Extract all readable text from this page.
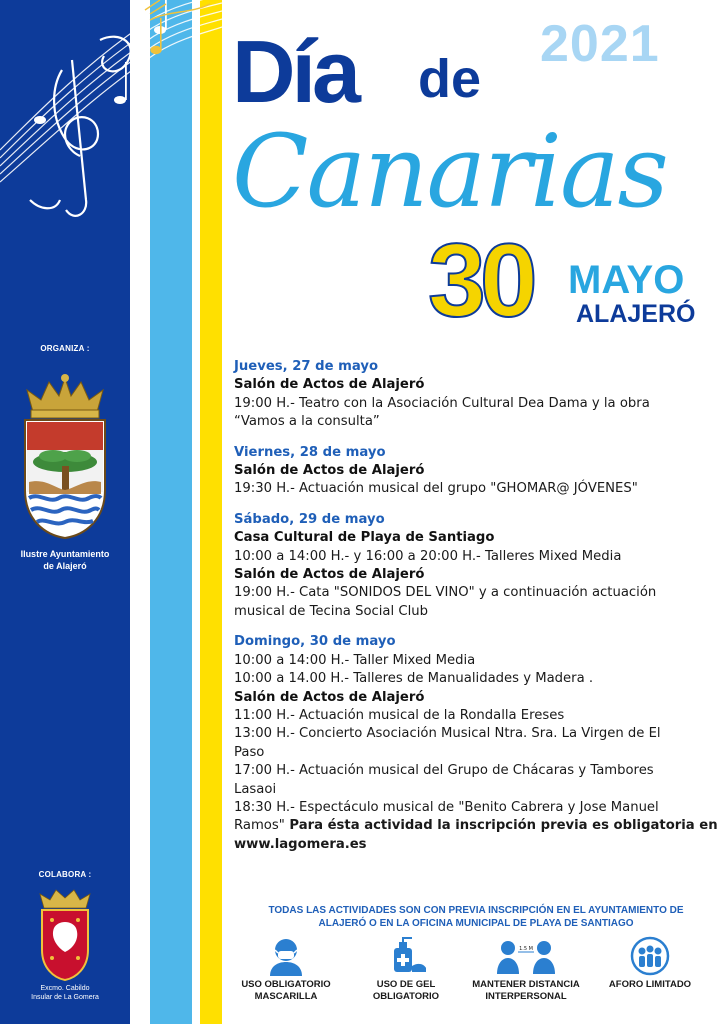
ORGANIZA :
Ilustre Ayuntamiento
de Alajeró
COLABORA :
Excmo. Cabildo
Insular de La Gomera
2021
Día de
Canarias
30 MAYO
ALAJERÓ
Jueves, 27 de mayo
Salón de Actos de Alajeró
19:00 H.- Teatro con la Asociación Cultural Dea Dama y la obra
“Vamos a la consulta”
Viernes, 28 de mayo
Salón de Actos de Alajeró
19:30 H.- Actuación musical del grupo "GHOMAR@ JÓVENES"
Sábado, 29 de mayo
Casa Cultural de Playa de Santiago
10:00 a 14:00 H.- y 16:00 a 20:00 H.- Talleres Mixed Media
Salón de Actos de Alajeró
19:00 H.- Cata "SONIDOS DEL VINO" y a continuación actuación
musical de Tecina Social Club
Domingo, 30 de mayo
10:00 a 14:00 H.- Taller Mixed Media
10:00 a 14.00 H.- Talleres de Manualidades y Madera .
Salón de Actos de Alajeró
11:00 H.- Actuación musical de la Rondalla Ereses
13:00 H.- Concierto Asociación Musical Ntra. Sra. La Virgen de El
Paso
17:00 H.- Actuación musical del Grupo de Chácaras y Tambores
Lasaoi
18:30 H.- Espectáculo musical de "Benito Cabrera y Jose Manuel
Ramos" Para ésta actividad la inscripción previa es obligatoria en
www.lagomera.es
TODAS LAS ACTIVIDADES SON CON PREVIA INSCRIPCIÓN EN EL AYUNTAMIENTO DE
ALAJERÓ O EN LA OFICINA MUNICIPAL DE PLAYA DE SANTIAGO
USO OBLIGATORIO
MASCARILLA
USO DE GEL
OBLIGATORIO
1.5 M
MANTENER DISTANCIA
INTERPERSONAL
AFORO LIMITADO
